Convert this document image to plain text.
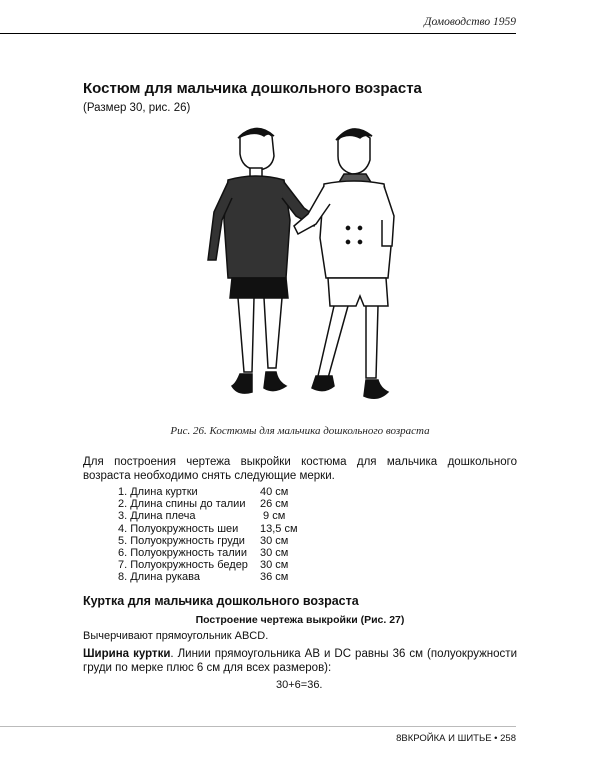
Домоводство 1959
Костюм для мальчика дошкольного возраста
(Размер 30, рис. 26)
Рис. 26. Костюмы для мальчика дошкольного возраста
Для построения чертежа выкройки костюма для мальчика дошкольного возраста необходимо снять следующие мерки.
1. Длина куртки	40 см
2. Длина спины до талии 26 см
3. Длина плеча	9 см
4. Полуокружность шеи 13,5 см
5. Полуокружность груди 30 см
6. Полуокружность талии 30 см
7. Полуокружность бедер 30 см
8. Длина рукава	36 см
Куртка для мальчика дошкольного возраста
Построение чертежа выкройки (Рис. 27)
Вычерчивают прямоугольник ABCD.
Ширина куртки. Линии прямоугольника AB и DC равны 36 см (полуокружности груди по мерке плюс 6 см для всех размеров):
30+6=36.
8ВКРОЙКА И ШИТЬЕ • 258
